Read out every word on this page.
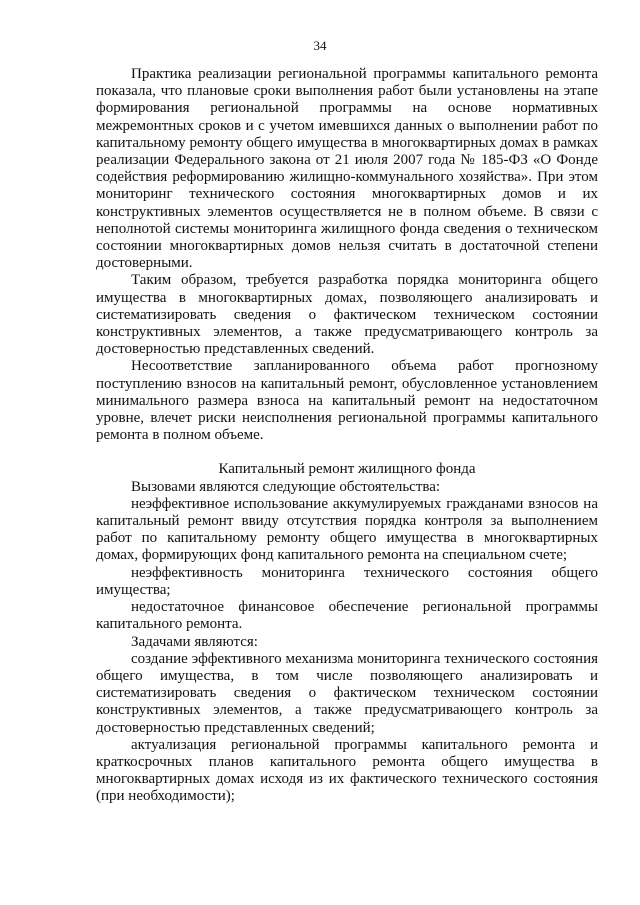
34

Практика реализации региональной программы капитального ремонта показала, что плановые сроки выполнения работ были установлены на этапе формирования региональной программы на основе нормативных межремонтных сроков и с учетом имевшихся данных о выполнении работ по капитальному ремонту общего имущества в многоквартирных домах в рамках реализации Федерального закона от 21 июля 2007 года № 185-ФЗ «О Фонде содействия реформированию жилищно-коммунального хозяйства». При этом мониторинг технического состояния многоквартирных домов и их конструктивных элементов осуществляется не в полном объеме. В связи с неполнотой системы мониторинга жилищного фонда сведения о техническом состоянии многоквартирных домов нельзя считать в достаточной степени достоверными.

Таким образом, требуется разработка порядка мониторинга общего имущества в многоквартирных домах, позволяющего анализировать и систематизировать сведения о фактическом техническом состоянии конструктивных элементов, а также предусматривающего контроль за достоверностью представленных сведений.

Несоответствие запланированного объема работ прогнозному поступлению взносов на капитальный ремонт, обусловленное установлением минимального размера взноса на капитальный ремонт на недостаточном уровне, влечет риски неисполнения региональной программы капитального ремонта в полном объеме.

Капитальный ремонт жилищного фонда

Вызовами являются следующие обстоятельства:

неэффективное использование аккумулируемых гражданами взносов на капитальный ремонт ввиду отсутствия порядка контроля за выполнением работ по капитальному ремонту общего имущества в многоквартирных домах, формирующих фонд капитального ремонта на специальном счете;

неэффективность мониторинга технического состояния общего имущества;

недостаточное финансовое обеспечение региональной программы капитального ремонта.

Задачами являются:

создание эффективного механизма мониторинга технического состояния общего имущества, в том числе позволяющего анализировать и систематизировать сведения о фактическом техническом состоянии конструктивных элементов, а также предусматривающего контроль за достоверностью представленных сведений;

актуализация региональной программы капитального ремонта и краткосрочных планов капитального ремонта общего имущества в многоквартирных домах исходя из их фактического технического состояния (при необходимости);
